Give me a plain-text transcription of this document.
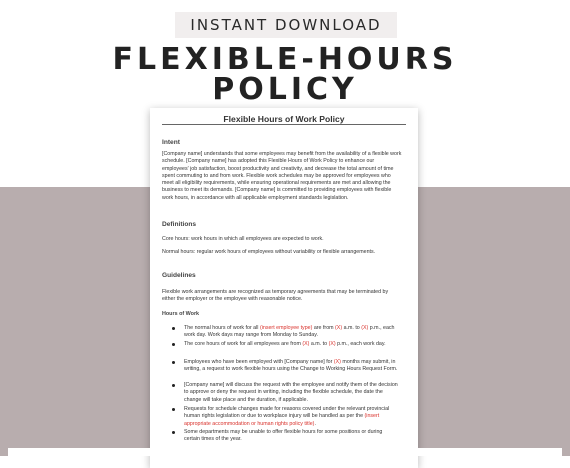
INSTANT DOWNLOAD
FLEXIBLE-HOURS
POLICY
Flexible Hours of Work Policy
Intent
[Company name] understands that some employees may benefit from the availability of a flexible work schedule. [Company name] has adopted this Flexible Hours of Work Policy to enhance our employees' job satisfaction, boost productivity and creativity, and decrease the total amount of time spent commuting to and from work. Flexible work schedules may be approved for employees who meet all eligibility requirements, while ensuring operational requirements are met and allowing the business to meet its demands. [Company name] is committed to providing employees with flexible work hours, in accordance with all applicable employment standards legislation.
Definitions
Core hours: work hours in which all employees are expected to work.
Normal hours: regular work hours of employees without variability or flexible arrangements.
Guidelines
Flexible work arrangements are recognized as temporary agreements that may be terminated by either the employer or the employee with reasonable notice.
Hours of Work
The normal hours of work for all (insert employee type) are from (X) a.m. to (X) p.m., each work day. Work days may range from Monday to Sunday.
The core hours of work for all employees are from (X) a.m. to (X) p.m., each work day.
Employees who have been employed with [Company name] for (X) months may submit, in writing, a request to work flexible hours using the Change to Working Hours Request Form.
[Company name] will discuss the request with the employee and notify them of the decision to approve or deny the request in writing, including the flexible schedule, the date the change will take place and the duration, if applicable.
Requests for schedule changes made for reasons covered under the relevant provincial human rights legislation or due to workplace injury will be handled as per the (insert appropriate accommodation or human rights policy title).
Some departments may be unable to offer flexible hours for some positions or during certain times of the year.
